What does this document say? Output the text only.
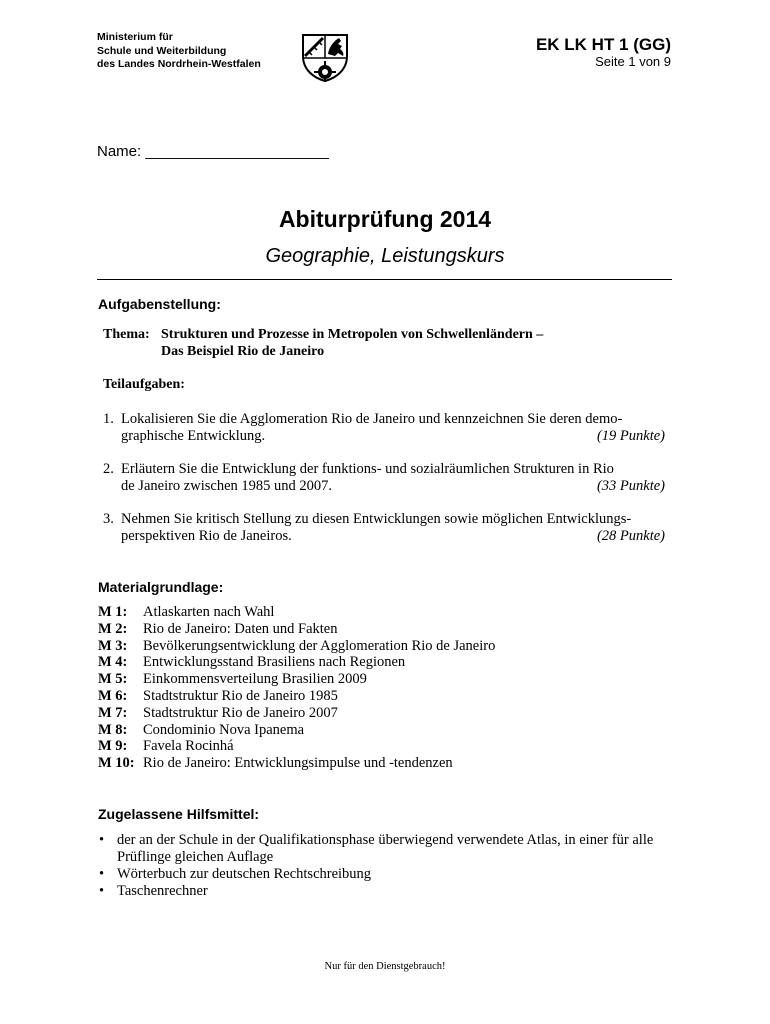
Ministerium für
Schule und Weiterbildung
des Landes Nordrhein-Westfalen
EK LK HT 1 (GG)
Seite 1 von 9
Name: ______________________
Abiturprüfung 2014
Geographie, Leistungskurs
Aufgabenstellung:
Thema: Strukturen und Prozesse in Metropolen von Schwellenländern –
Das Beispiel Rio de Janeiro
Teilaufgaben:
1. Lokalisieren Sie die Agglomeration Rio de Janeiro und kennzeichnen Sie deren demo-
graphische Entwicklung.	(19 Punkte)
2. Erläutern Sie die Entwicklung der funktions- und sozialräumlichen Strukturen in Rio
de Janeiro zwischen 1985 und 2007.	(33 Punkte)
3. Nehmen Sie kritisch Stellung zu diesen Entwicklungen sowie möglichen Entwicklungs-
perspektiven Rio de Janeiros.	(28 Punkte)
Materialgrundlage:
M 1: Atlaskarten nach Wahl
M 2: Rio de Janeiro: Daten und Fakten
M 3: Bevölkerungsentwicklung der Agglomeration Rio de Janeiro
M 4: Entwicklungsstand Brasiliens nach Regionen
M 5: Einkommensverteilung Brasilien 2009
M 6: Stadtstruktur Rio de Janeiro 1985
M 7: Stadtstruktur Rio de Janeiro 2007
M 8: Condominio Nova Ipanema
M 9: Favela Rocinhá
M 10: Rio de Janeiro: Entwicklungsimpulse und -tendenzen
Zugelassene Hilfsmittel:
• der an der Schule in der Qualifikationsphase überwiegend verwendete Atlas, in einer für alle Prüflinge gleichen Auflage
• Wörterbuch zur deutschen Rechtschreibung
• Taschenrechner
Nur für den Dienstgebrauch!
